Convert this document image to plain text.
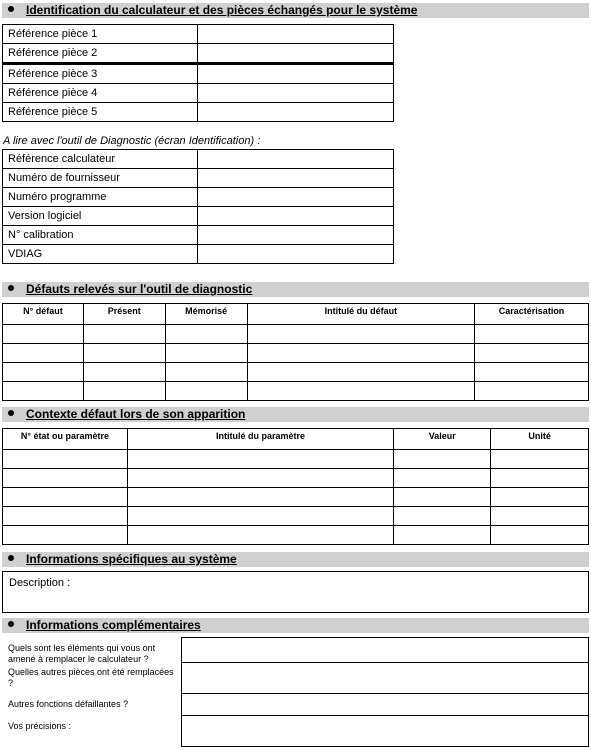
Identification du calculateur et des pièces échangés pour le système
Référence pièce 1	
Référence pièce 2	
Référence pièce 3	
Référence pièce 4	
Référence pièce 5	
A lire avec l'outil de Diagnostic (écran Identification) :
Référence calculateur	
Numéro de fournisseur	
Numéro programme	
Version logiciel	
N° calibration	
VDIAG	
Défauts relevés sur l'outil de diagnostic
N° défaut	Présent	Mémorisé	Intitulé du défaut	Caractérisation

Contexte défaut lors de son apparition
N° état ou paramètre	Intitulé du paramètre	Valeur	Unité

Informations spécifiques au système
Description :
Informations complémentaires
Quels sont les éléments qui vous ont amené à remplacer le calculateur ?
Quelles autres pièces ont été remplacées ?
Autres fonctions défaillantes ?
Vos précisions :
